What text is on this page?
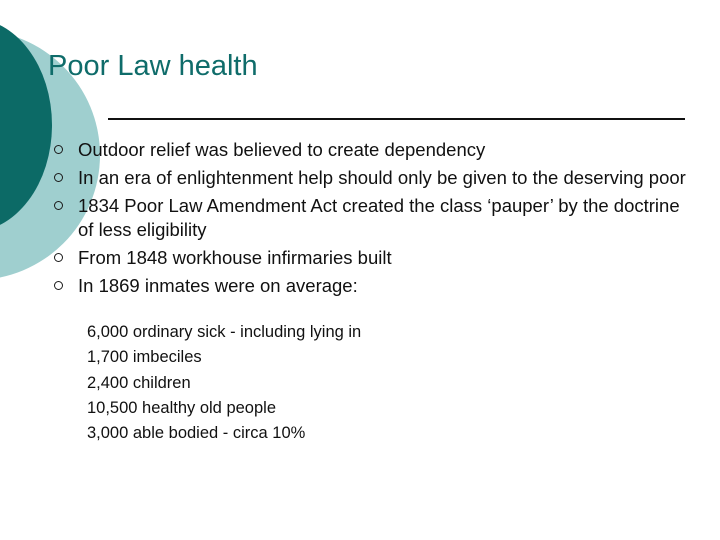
Poor Law health
Outdoor relief was believed to create dependency
In an era of enlightenment help should only be given to the deserving poor
1834 Poor Law Amendment Act created the class ‘pauper’ by the doctrine of less eligibility
From 1848 workhouse infirmaries built
In 1869 inmates were on average:
6,000 ordinary sick - including lying in
1,700 imbeciles
2,400 children
10,500 healthy old people
3,000 able bodied - circa 10%
